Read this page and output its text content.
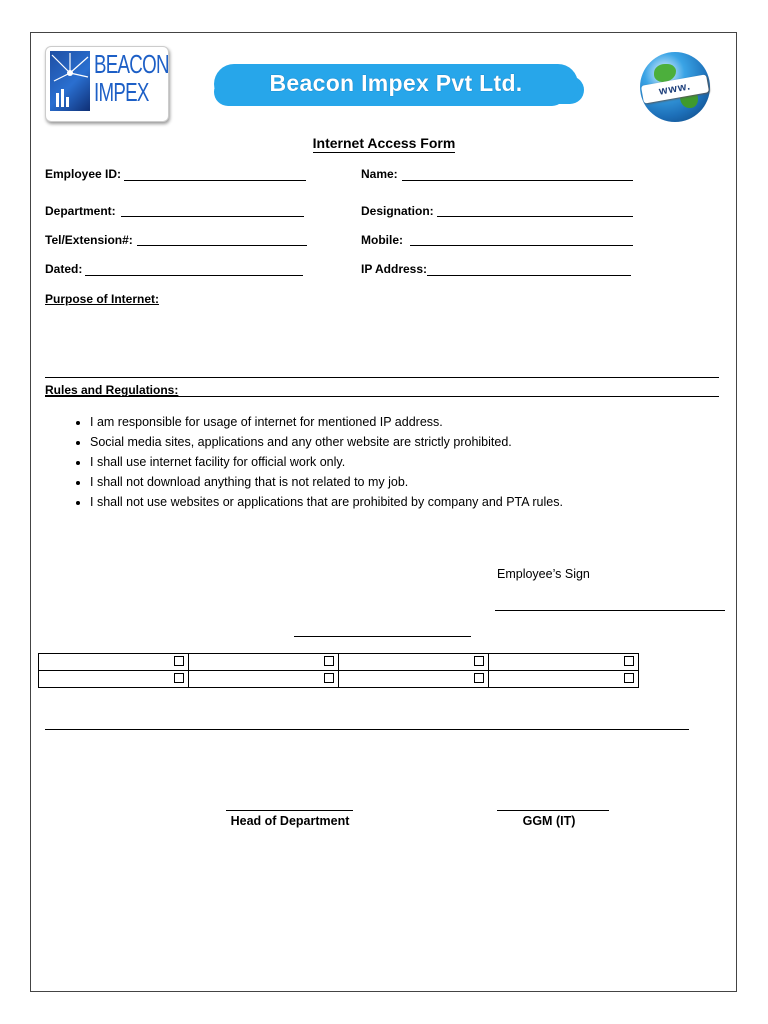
BEACON
IMPEX	Beacon Impex Pvt Ltd.	www.
Internet Access Form
Employee ID:	Name:
Department:	Designation:
Tel/Extension#:	Mobile:
Dated:	IP Address:
Purpose of Internet:
Rules and Regulations:
• I am responsible for usage of internet for mentioned IP address.
• Social media sites, applications and any other website are strictly prohibited.
• I shall use internet facility for official work only.
• I shall not download anything that is not related to my job.
• I shall not use websites or applications that are prohibited by company and PTA rules.
Employee’s Sign

Head of Department	GGM (IT)
